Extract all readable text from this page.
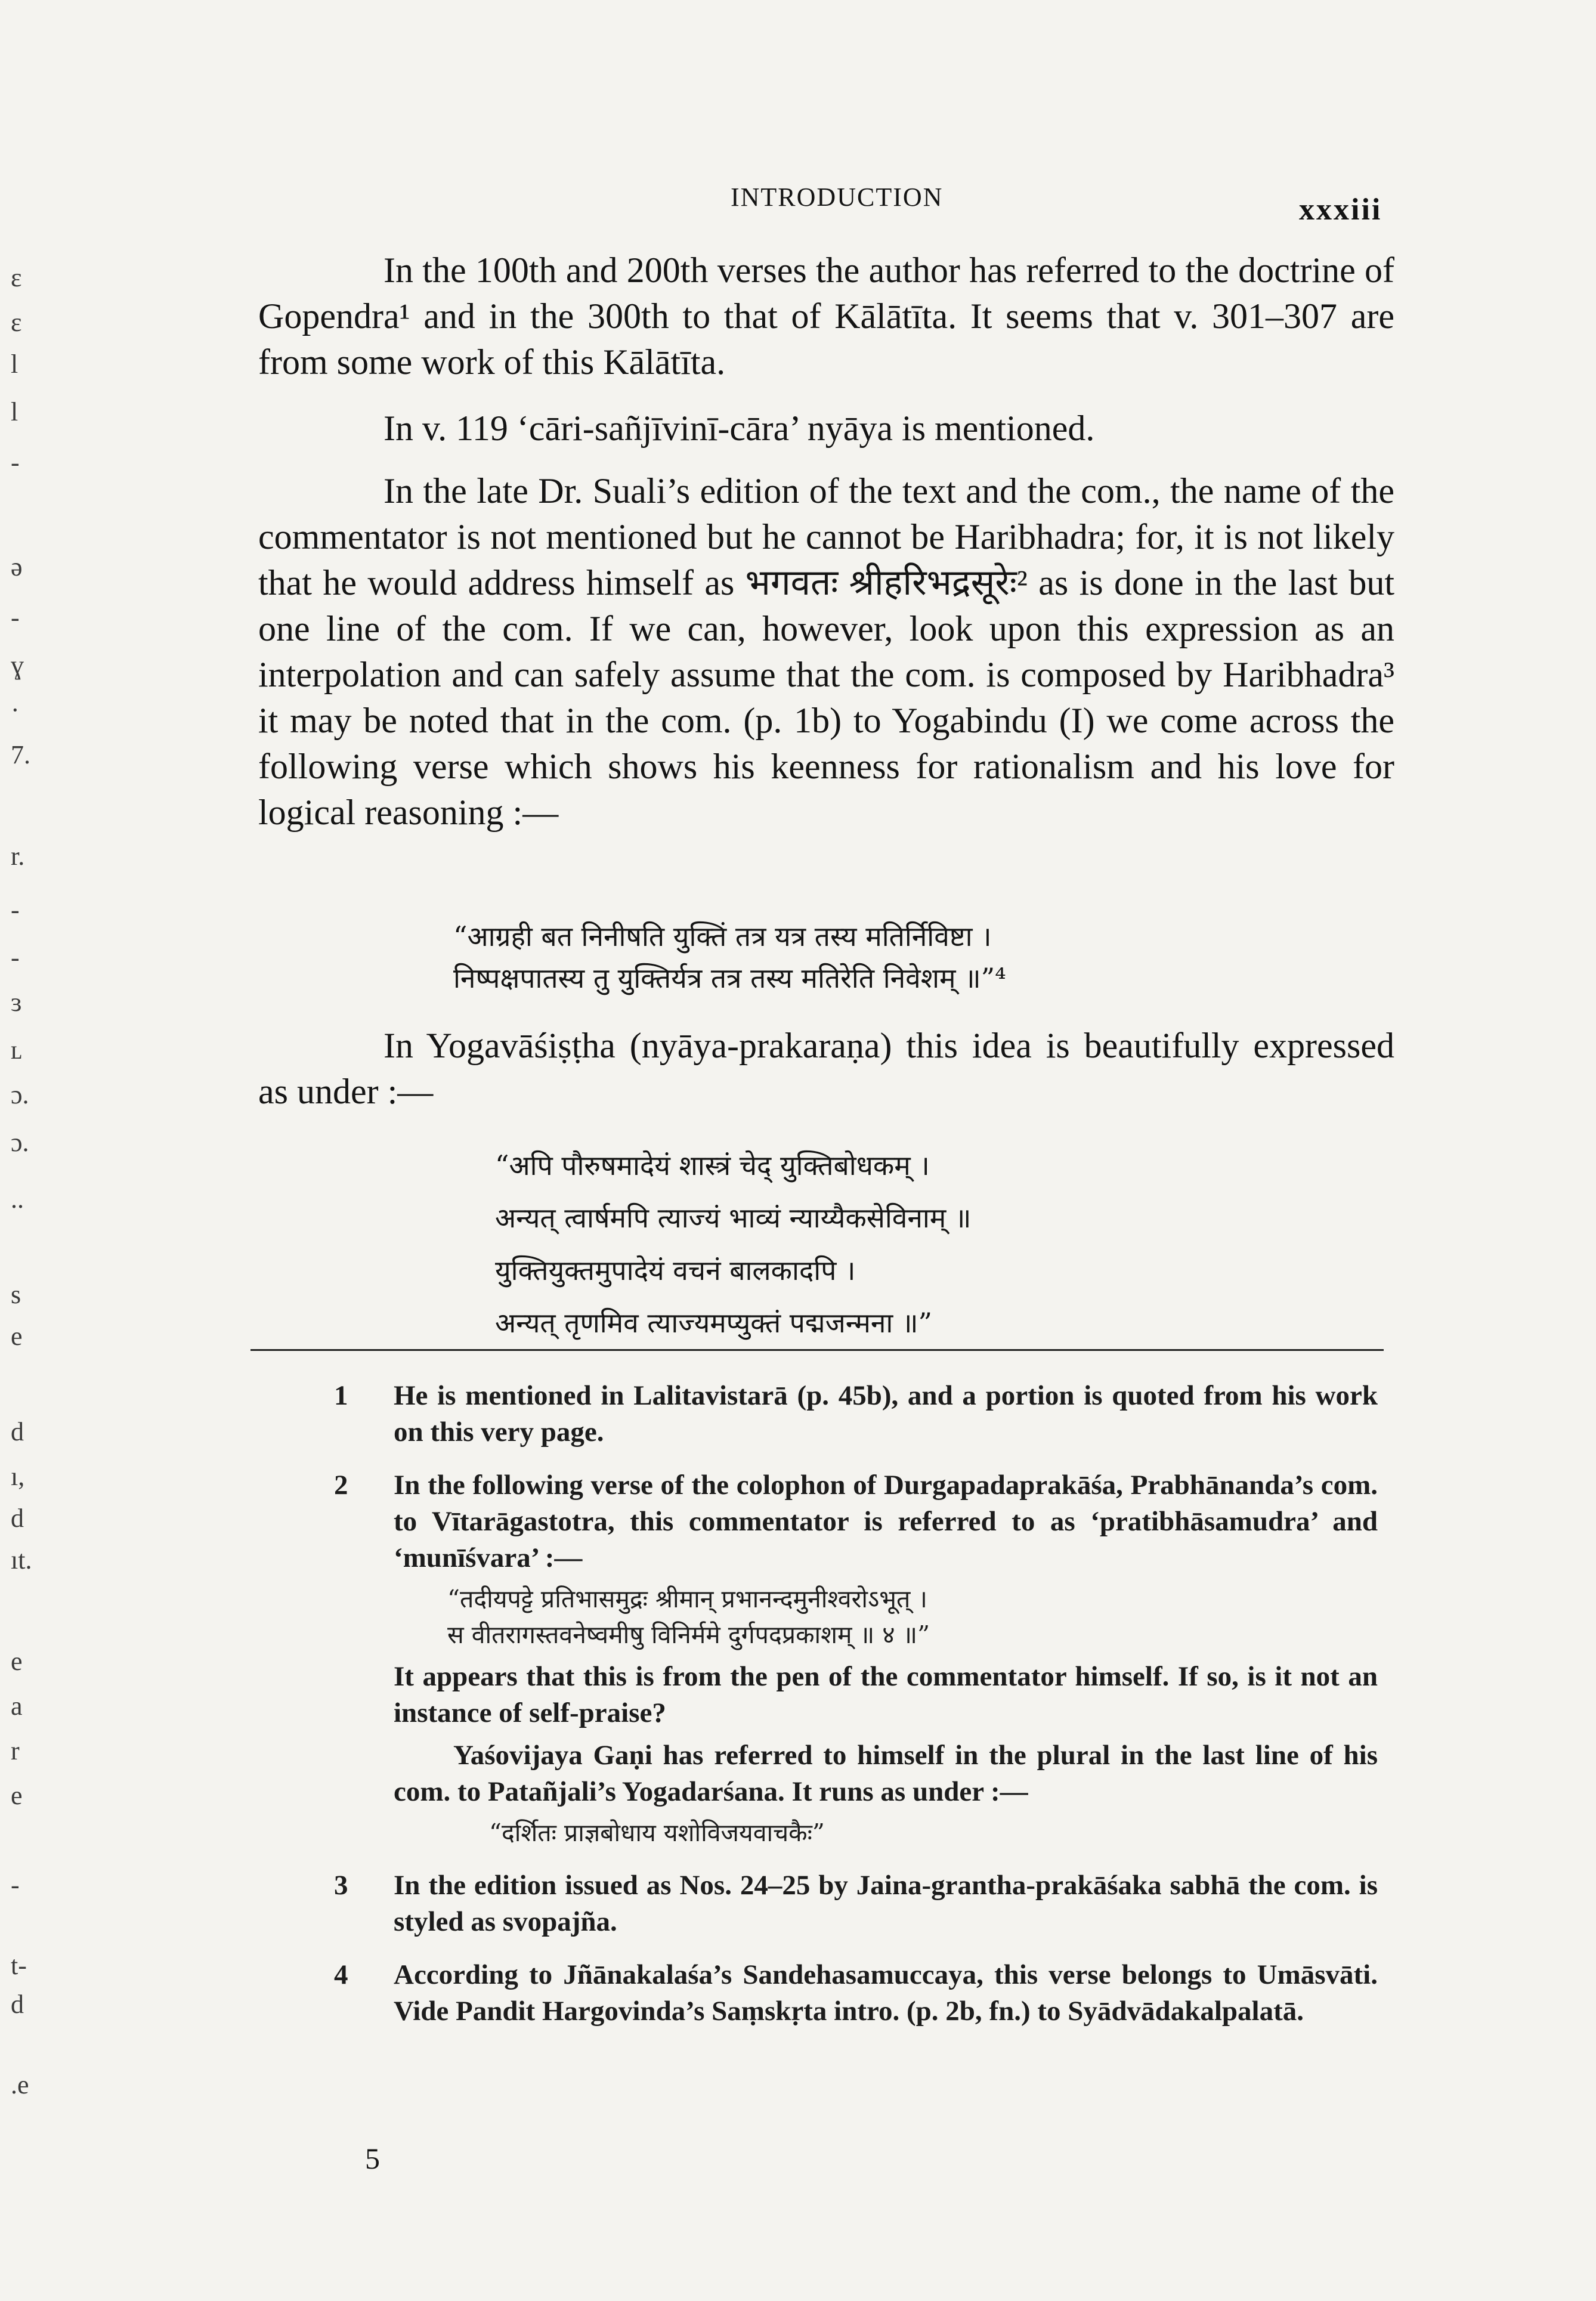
INTRODUCTION	xxxiii

In the 100th and 200th verses the author has referred to the doctrine of Gopendra¹ and in the 300th to that of Kālātīta. It seems that v. 301–307 are from some work of this Kālātīta.

In v. 119 ‘cāri-sañjīvinī-cāra’ nyāya is mentioned.

In the late Dr. Suali’s edition of the text and the com., the name of the commentator is not mentioned but he cannot be Haribhadra; for, it is not likely that he would address himself as भगवतः श्रीहरिभद्रसूरेः² as is done in the last but one line of the com. If we can, however, look upon this expression as an interpolation and can safely assume that the com. is composed by Haribhadra³ it may be noted that in the com. (p. 1b) to Yogabindu (I) we come across the following verse which shows his keenness for rationalism and his love for logical reasoning :—

“आग्रही बत निनीषति युक्तिं तत्र यत्र तस्य मतिर्निविष्टा ।
निष्पक्षपातस्य तु युक्तिर्यत्र तत्र तस्य मतिरेति निवेशम् ॥”⁴

In Yogavāśiṣṭha (nyāya-prakaraṇa) this idea is beautifully expressed as under :—

“अपि पौरुषमादेयं शास्त्रं चेद् युक्तिबोधकम् ।
अन्यत् त्वार्षमपि त्याज्यं भाव्यं न्याय्यैकसेविनाम् ॥
युक्तियुक्तमुपादेयं वचनं बालकादपि ।
अन्यत् तृणमिव त्याज्यमप्युक्तं पद्मजन्मना ॥”
1 He is mentioned in Lalitavistarā (p. 45b), and a portion is quoted from his work on this very page.

2 In the following verse of the colophon of Durgapadaprakāśa, Prabhānanda’s com. to Vītarāgastotra, this commentator is referred to as ‘pratibhāsamudra’ and ‘munīśvara’ :—

“तदीयपट्टे प्रतिभासमुद्रः श्रीमान् प्रभानन्दमुनीश्वरोऽभूत् ।
स वीतरागस्तवनेष्वमीषु विनिर्ममे दुर्गपदप्रकाशम् ॥ ४ ॥”

It appears that this is from the pen of the commentator himself. If so, is it not an instance of self-praise?

Yaśovijaya Gaṇi has referred to himself in the plural in the last line of his com. to Patañjali’s Yogadarśana. It runs as under :—

“दर्शितः प्राज्ञबोधाय यशोविजयवाचकैः”
3 In the edition issued as Nos. 24–25 by Jaina-grantha-prakāśaka sabhā the com. is styled as svopajña.

4 According to Jñānakalaśa’s Sandehasamuccaya, this verse belongs to Umāsvāti. Vide Pandit Hargovinda’s Saṃskṛta intro. (p. 2b, fn.) to Syādvādakalpalatā.

5
ɛ
ɛ
l
l
-
ə
-
ɣ
·
7.
r.
-
-
ɜ
ʟ
ɔ.
ɔ.
..
s
e
d
ı,
d
ıt.
e
a
r
e
-
t-
d
.e
